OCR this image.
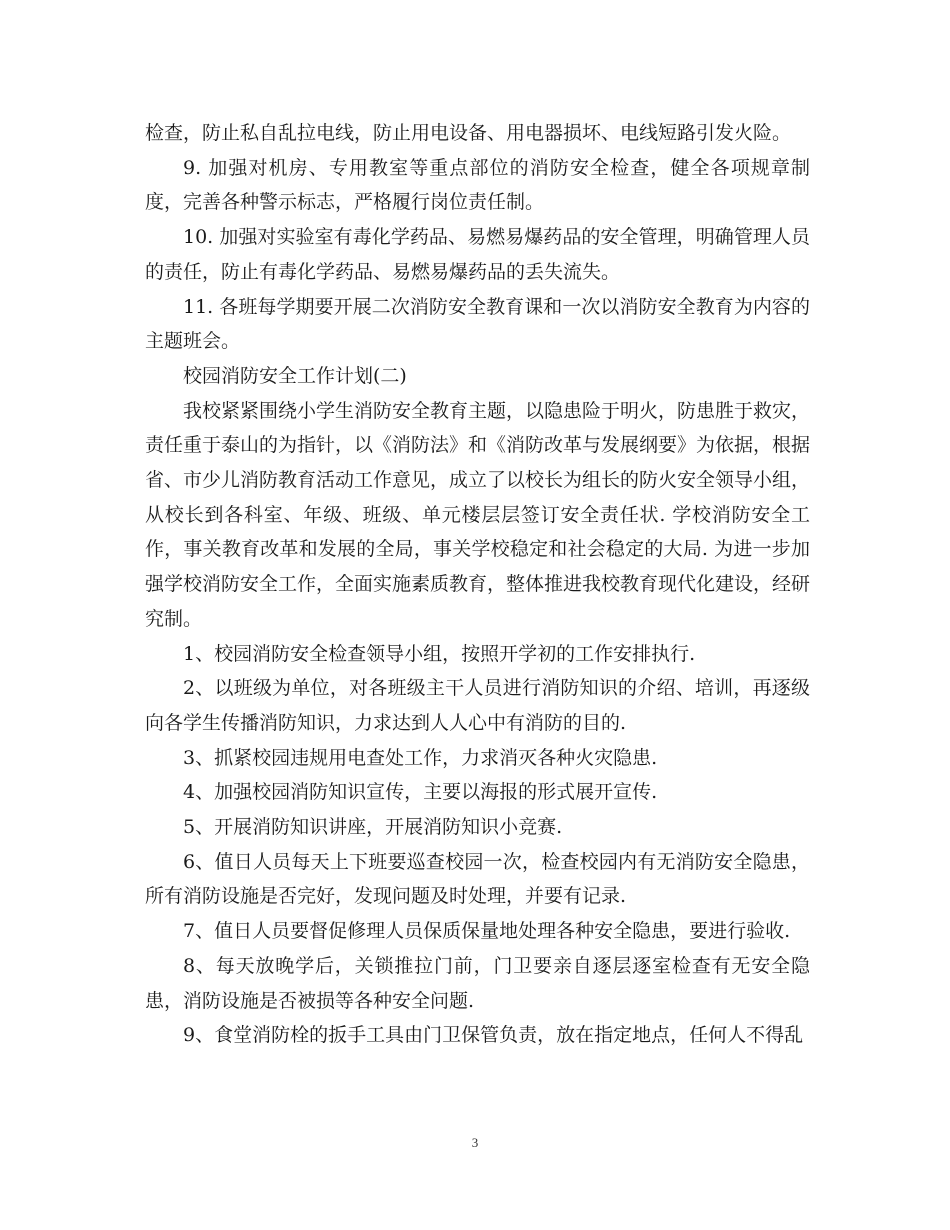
检查，防止私自乱拉电线，防止用电设备、用电器损坏、电线短路引发火险。

9. 加强对机房、专用教室等重点部位的消防安全检查，健全各项规章制度，完善各种警示标志，严格履行岗位责任制。

10. 加强对实验室有毒化学药品、易燃易爆药品的安全管理，明确管理人员的责任，防止有毒化学药品、易燃易爆药品的丢失流失。

11. 各班每学期要开展二次消防安全教育课和一次以消防安全教育为内容的主题班会。

校园消防安全工作计划(二)

我校紧紧围绕小学生消防安全教育主题，以隐患险于明火，防患胜于救灾，责任重于泰山的为指针，以《消防法》和《消防改革与发展纲要》为依据，根据省、市少儿消防教育活动工作意见，成立了以校长为组长的防火安全领导小组，从校长到各科室、年级、班级、单元楼层层签订安全责任状. 学校消防安全工作，事关教育改革和发展的全局，事关学校稳定和社会稳定的大局. 为进一步加强学校消防安全工作，全面实施素质教育，整体推进我校教育现代化建设，经研究制。

1、校园消防安全检查领导小组，按照开学初的工作安排执行.

2、以班级为单位，对各班级主干人员进行消防知识的介绍、培训，再逐级向各学生传播消防知识，力求达到人人心中有消防的目的.

3、抓紧校园违规用电查处工作，力求消灭各种火灾隐患.

4、加强校园消防知识宣传，主要以海报的形式展开宣传.

5、开展消防知识讲座，开展消防知识小竞赛.

6、值日人员每天上下班要巡查校园一次，检查校园内有无消防安全隐患，所有消防设施是否完好，发现问题及时处理，并要有记录.

7、值日人员要督促修理人员保质保量地处理各种安全隐患，要进行验收.

8、每天放晚学后，关锁推拉门前，门卫要亲自逐层逐室检查有无安全隐患，消防设施是否被损等各种安全问题.

9、食堂消防栓的扳手工具由门卫保管负责，放在指定地点，任何人不得乱

3
